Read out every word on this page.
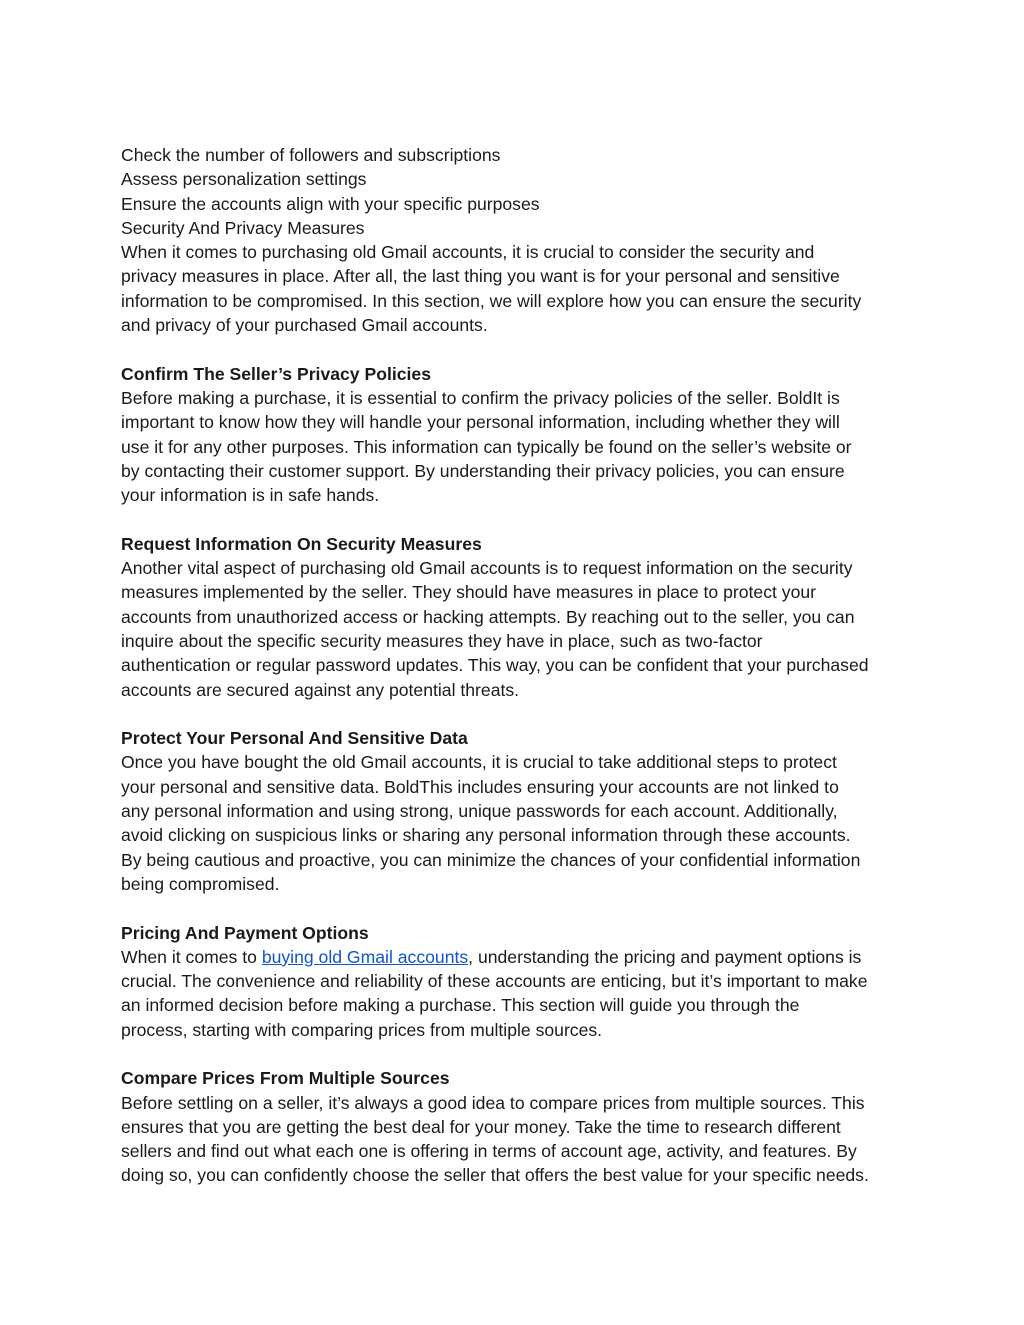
Check the number of followers and subscriptions
Assess personalization settings
Ensure the accounts align with your specific purposes
Security And Privacy Measures
When it comes to purchasing old Gmail accounts, it is crucial to consider the security and
privacy measures in place. After all, the last thing you want is for your personal and sensitive
information to be compromised. In this section, we will explore how you can ensure the security
and privacy of your purchased Gmail accounts.
Confirm The Seller’s Privacy Policies
Before making a purchase, it is essential to confirm the privacy policies of the seller. BoldIt is
important to know how they will handle your personal information, including whether they will
use it for any other purposes. This information can typically be found on the seller’s website or
by contacting their customer support. By understanding their privacy policies, you can ensure
your information is in safe hands.
Request Information On Security Measures
Another vital aspect of purchasing old Gmail accounts is to request information on the security
measures implemented by the seller. They should have measures in place to protect your
accounts from unauthorized access or hacking attempts. By reaching out to the seller, you can
inquire about the specific security measures they have in place, such as two-factor
authentication or regular password updates. This way, you can be confident that your purchased
accounts are secured against any potential threats.
Protect Your Personal And Sensitive Data
Once you have bought the old Gmail accounts, it is crucial to take additional steps to protect
your personal and sensitive data. BoldThis includes ensuring your accounts are not linked to
any personal information and using strong, unique passwords for each account. Additionally,
avoid clicking on suspicious links or sharing any personal information through these accounts.
By being cautious and proactive, you can minimize the chances of your confidential information
being compromised.
Pricing And Payment Options
When it comes to buying old Gmail accounts, understanding the pricing and payment options is
crucial. The convenience and reliability of these accounts are enticing, but it’s important to make
an informed decision before making a purchase. This section will guide you through the
process, starting with comparing prices from multiple sources.
Compare Prices From Multiple Sources
Before settling on a seller, it’s always a good idea to compare prices from multiple sources. This
ensures that you are getting the best deal for your money. Take the time to research different
sellers and find out what each one is offering in terms of account age, activity, and features. By
doing so, you can confidently choose the seller that offers the best value for your specific needs.
